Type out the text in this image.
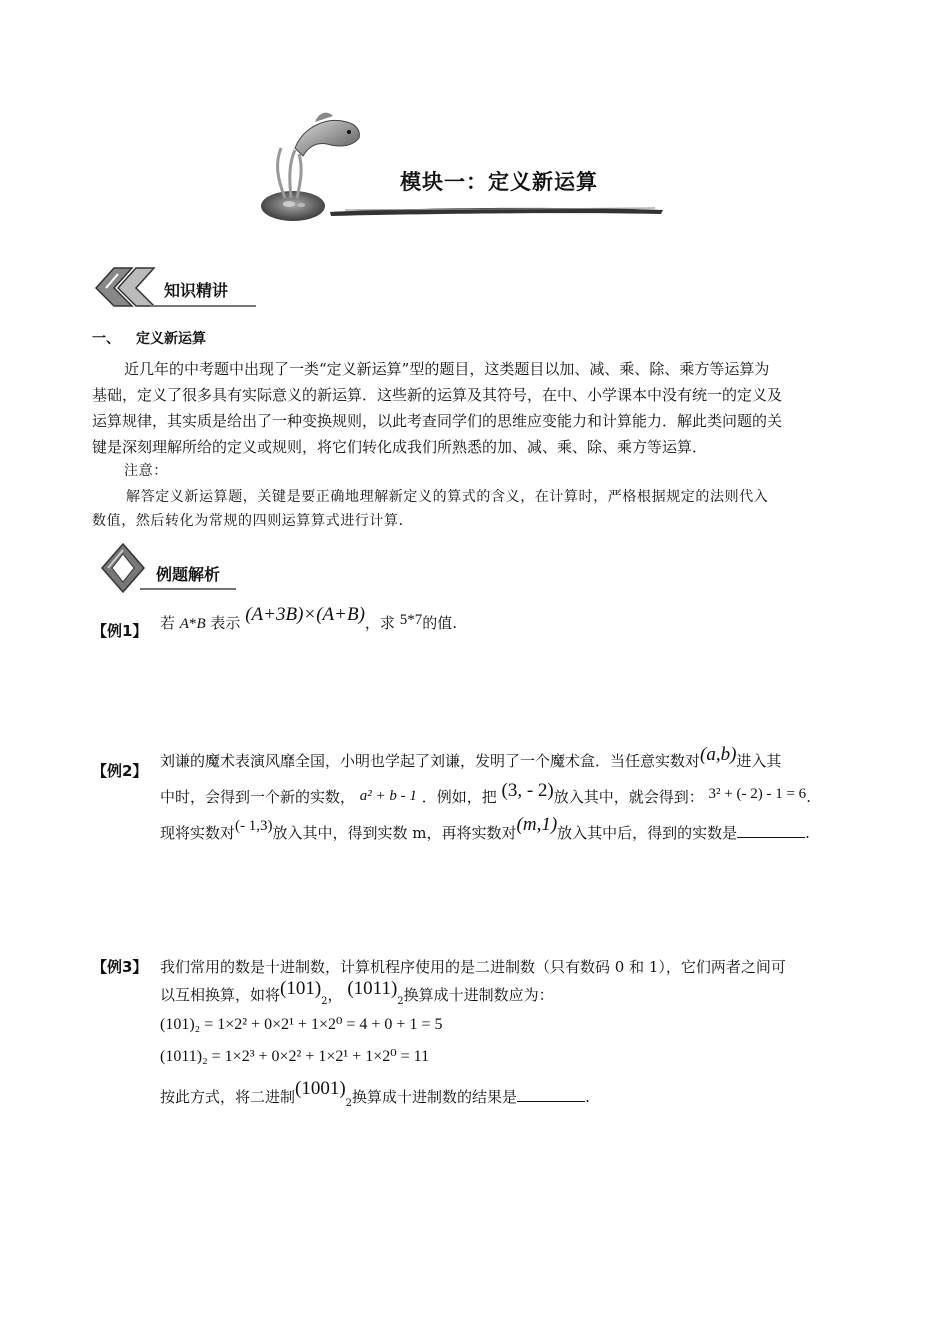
模块一：定义新运算
知识精讲
一、 定义新运算
近几年的中考题中出现了一类“定义新运算”型的题目，这类题目以加、减、乘、除、乘方等运算为
基础，定义了很多具有实际意义的新运算．这些新的运算及其符号，在中、小学课本中没有统一的定义及
运算规律，其实质是给出了一种变换规则，以此考查同学们的思维应变能力和计算能力．解此类问题的关
键是深刻理解所给的定义或规则，将它们转化成我们所熟悉的加、减、乘、除、乘方等运算．
注意：
解答定义新运算题，关键是要正确地理解新定义的算式的含义，在计算时，严格根据规定的法则代入
数值，然后转化为常规的四则运算算式进行计算．
例题解析
【例1】 若 A*B 表示 (A+3B)×(A+B)，求 5*7的值.
【例2】
刘谦的魔术表演风靡全国，小明也学起了刘谦，发明了一个魔术盒．当任意实数对(a,b)进入其
中时，会得到一个新的实数， a² + b - 1 ．例如，把 (3, - 2)放入其中，就会得到： 3² + (- 2) - 1 = 6.
现将实数对(- 1,3)放入其中，得到实数 m，再将实数对(m,1)放入其中后，得到的实数是	.
【例3】 我们常用的数是十进制数，计算机程序使用的是二进制数（只有数码 0 和 1），它们两者之间可
以互相换算，如将$(101)_2$， $(1011)_2$换算成十进制数应为：
(101)₂ = 1×2² + 0×2¹ + 1×2⁰ = 4 + 0 + 1 = 5
(1011)₂ = 1×2³ + 0×2² + 1×2¹ + 1×2⁰ = 11
按此方式，将二进制$(1001)_2$换算成十进制数的结果是	.
